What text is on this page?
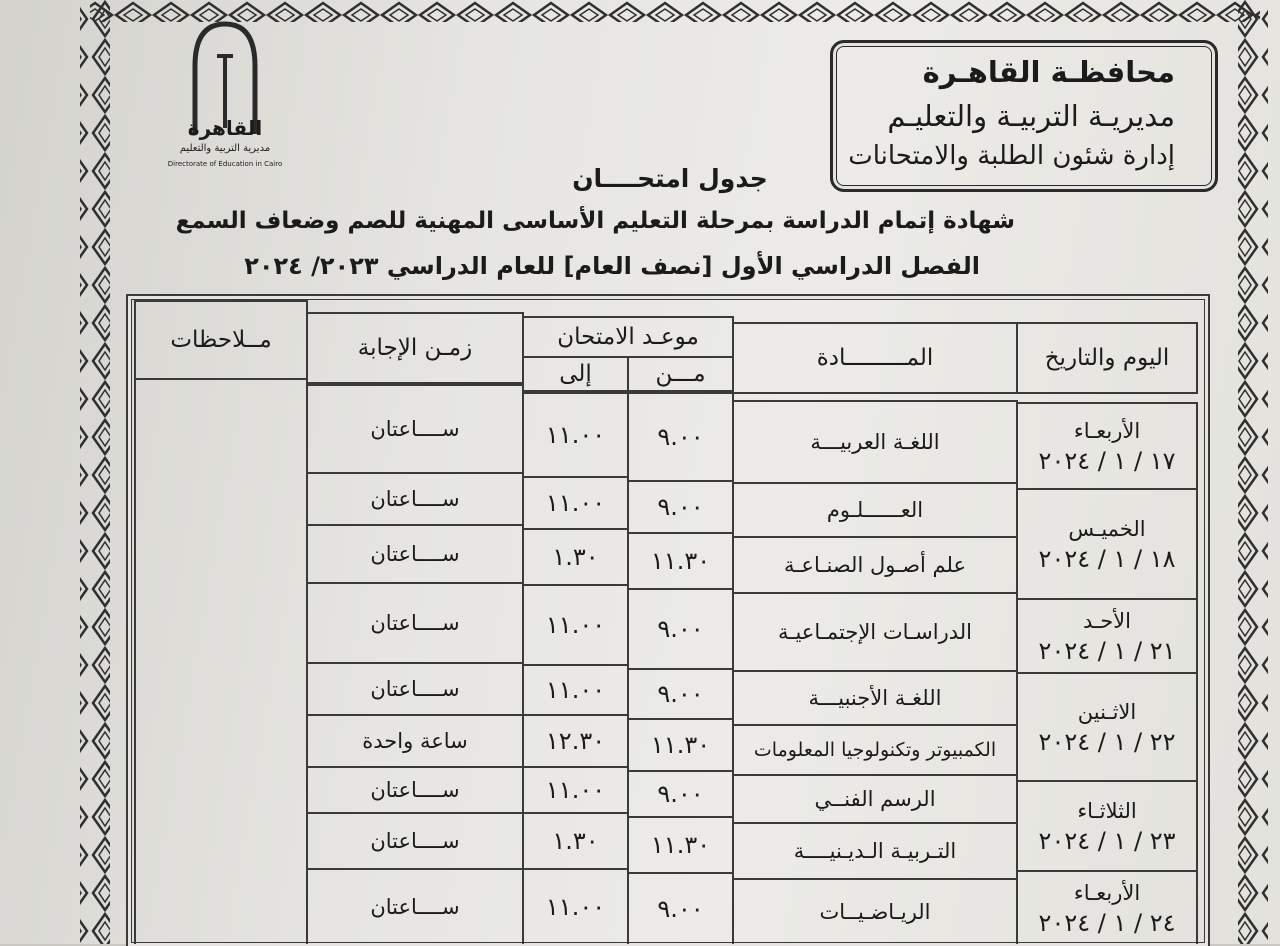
القاهرة
مديرية التربية والتعليم
Directorate of Education in Cairo
محافظـة القاهـرة
مديريـة التربيـة والتعليـم
إدارة شئون الطلبة والامتحانات
جدول امتحــــان
شهادة إتمام الدراسة بمرحلة التعليم الأساسى المهنية للصم وضعاف السمع
الفصل الدراسي الأول [نصف العام] للعام الدراسي ٢٠٢٣/ ٢٠٢٤
اليوم والتاريخ
المـــــــــادة
موعـد الامتحان
مـــن
إلى
زمـن الإجابة
مــلاحظات
الأربعـاء
١٧ / ١ / ٢٠٢٤
الخميـس
١٨ / ١ / ٢٠٢٤
الأحـد
٢١ / ١ / ٢٠٢٤
الاثـنين
٢٢ / ١ / ٢٠٢٤
الثلاثـاء
٢٣ / ١ / ٢٠٢٤
الأربعـاء
٢٤ / ١ / ٢٠٢٤
اللغـة العربيـــة
٩.٠٠
١١.٠٠
ســــاعتان
العــــــلـوم
٩.٠٠
١١.٠٠
ســــاعتان
علم أصـول الصنـاعـة
١١.٣٠
١.٣٠
ســــاعتان
الدراسـات الإجتمـاعيـة
٩.٠٠
١١.٠٠
ســــاعتان
اللغـة الأجنبيـــة
٩.٠٠
١١.٠٠
ســــاعتان
الكمبيوتر وتكنولوجيا المعلومات
١١.٣٠
١٢.٣٠
ساعة واحدة
الرسم الفنــي
٩.٠٠
١١.٠٠
ســــاعتان
التـربيـة الـديـنيــــة
١١.٣٠
١.٣٠
ســــاعتان
الريـاضـيــات
٩.٠٠
١١.٠٠
ســــاعتان
